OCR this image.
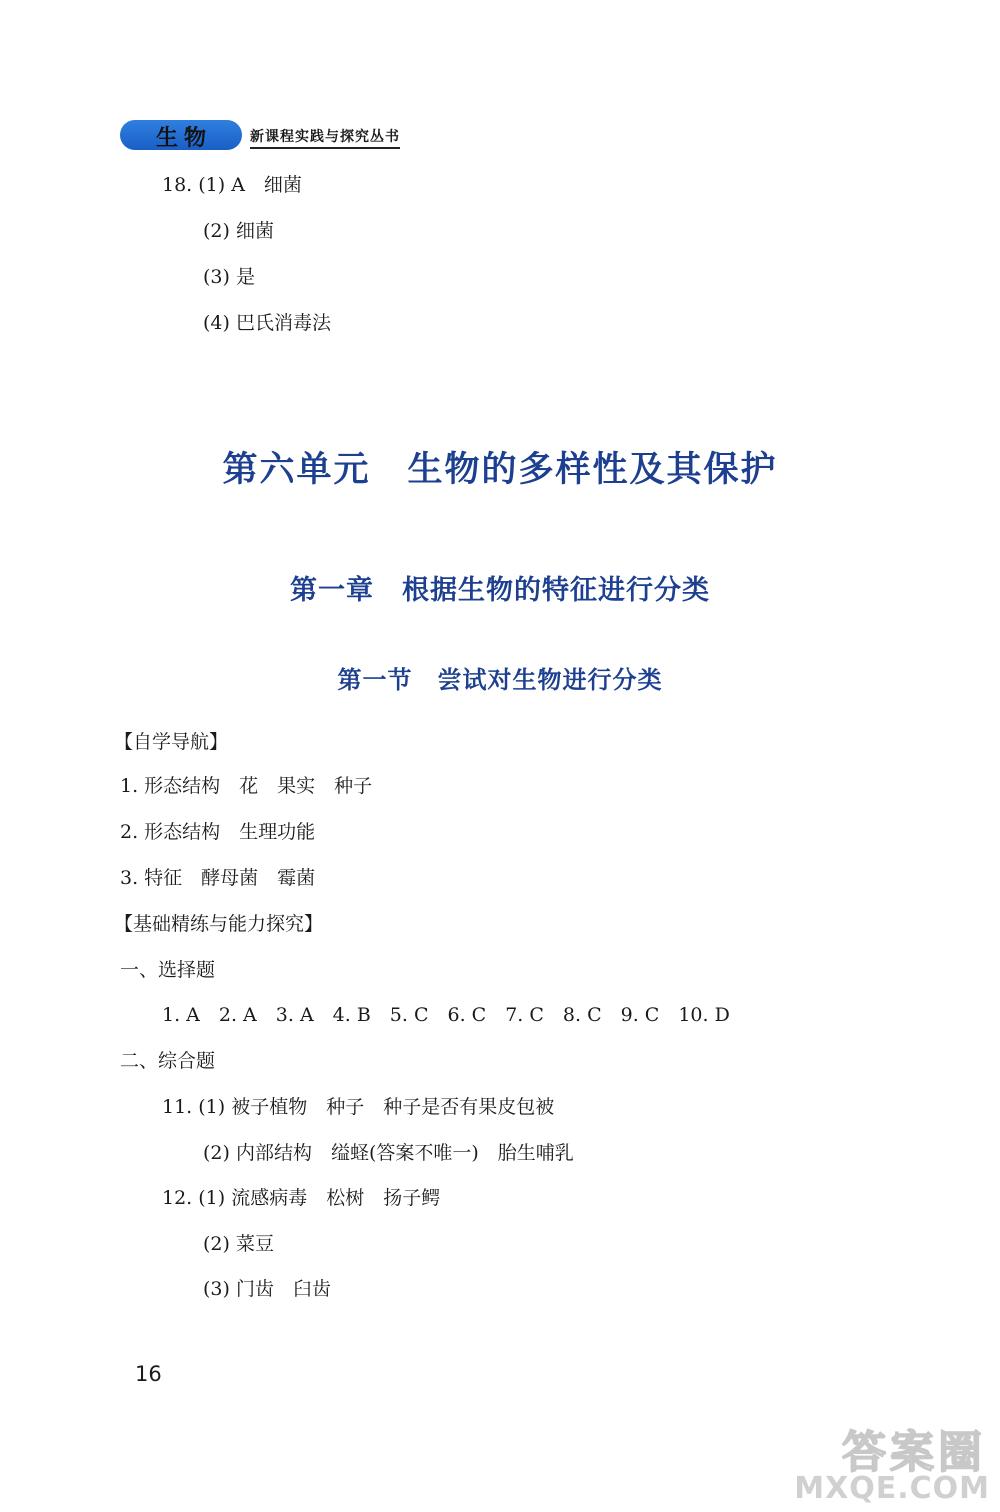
生物	新课程实践与探究丛书
18. (1) A　细菌
(2) 细菌
(3) 是
(4) 巴氏消毒法
第六单元　生物的多样性及其保护
第一章　根据生物的特征进行分类
第一节　尝试对生物进行分类
【自学导航】
1. 形态结构　花　果实　种子
2. 形态结构　生理功能
3. 特征　酵母菌　霉菌
【基础精练与能力探究】
一、选择题
1. A　2. A　3. A　4. B　5. C　6. C　7. C　8. C　9. C　10. D
二、综合题
11. (1) 被子植物　种子　种子是否有果皮包被
(2) 内部结构　缢蛏(答案不唯一)　胎生哺乳
12. (1) 流感病毒　松树　扬子鳄
(2) 菜豆
(3) 门齿　臼齿
16
答案圈
MXQE.COM
